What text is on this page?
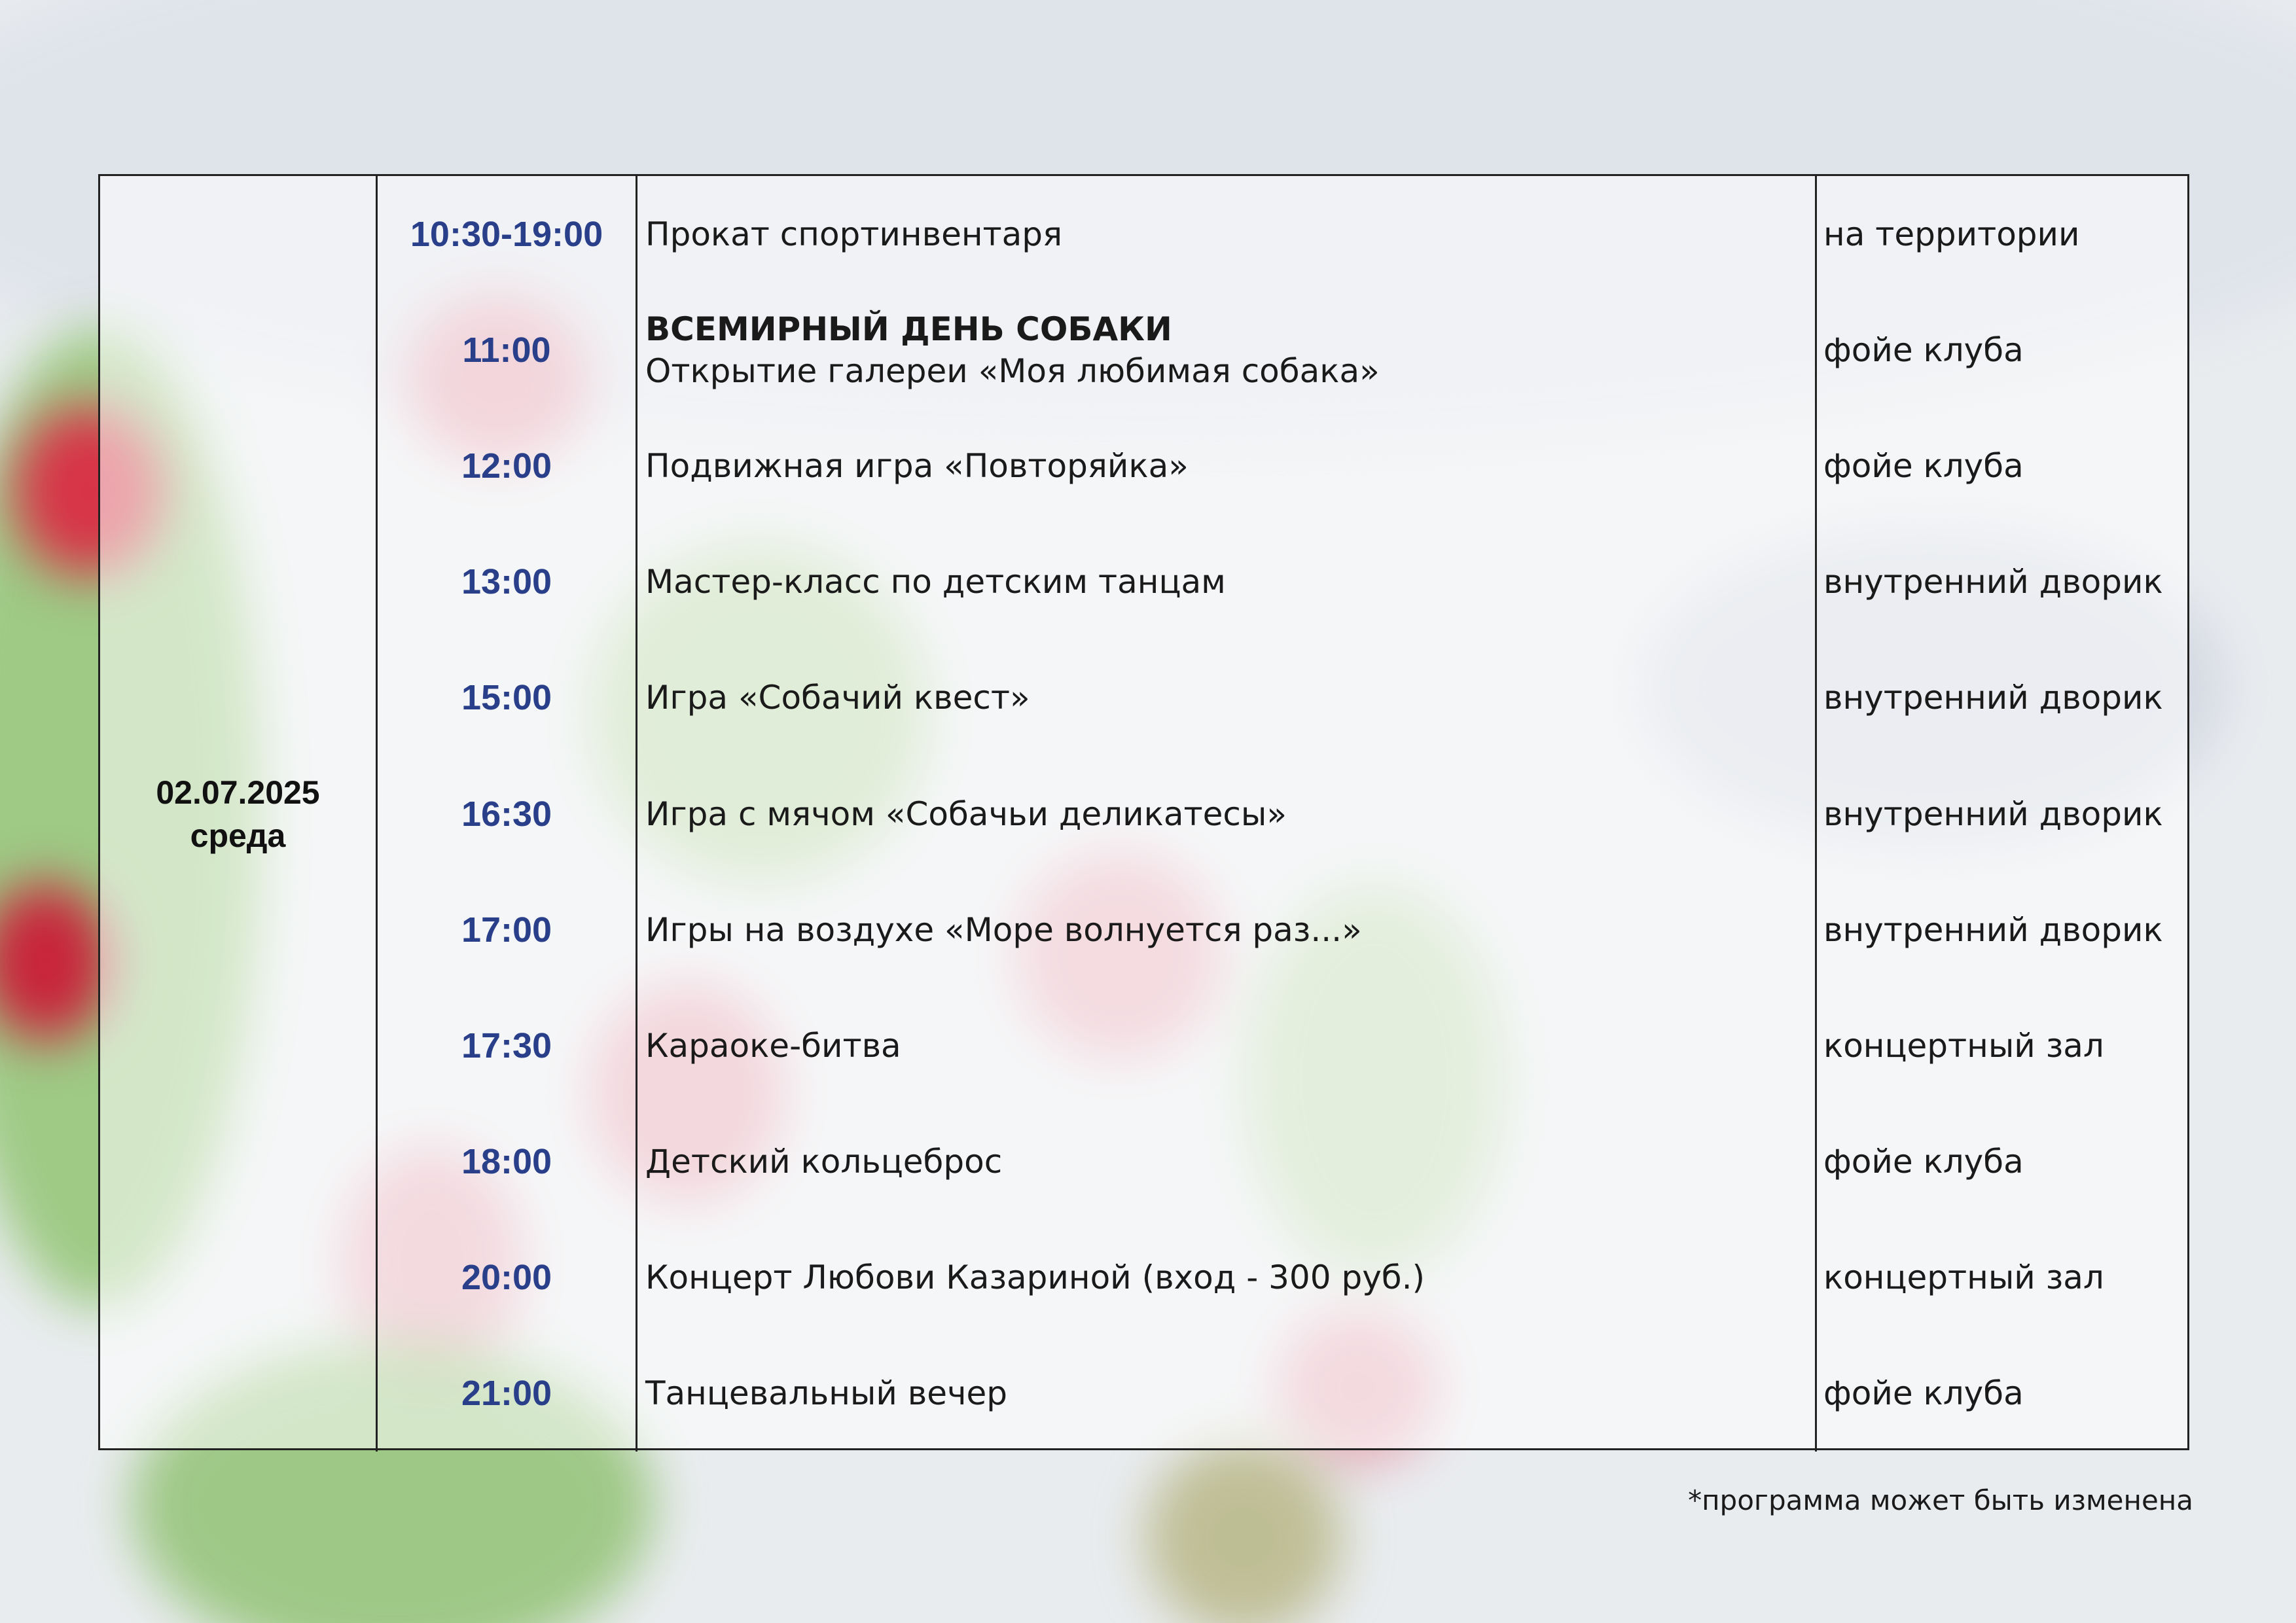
02.07.2025
среда
10:30-19:00
11:00
12:00
13:00
15:00
16:30
17:00
17:30
18:00
20:00
21:00
Прокат спортинвентаря
ВСЕМИРНЫЙ ДЕНЬ СОБАКИ
Открытие галереи «Моя любимая собака»
Подвижная игра «Повторяйка»
Мастер-класс по детским танцам
Игра «Собачий квест»
Игра с мячом «Собачьи деликатесы»
Игры на воздухе «Море волнуется раз...»
Караоке-битва
Детский кольцеброс
Концерт Любови Казариной (вход - 300 руб.)
Танцевальный вечер
на территории
фойе клуба
фойе клуба
внутренний дворик
внутренний дворик
внутренний дворик
внутренний дворик
концертный зал
фойе клуба
концертный зал
фойе клуба
*программа может быть изменена
